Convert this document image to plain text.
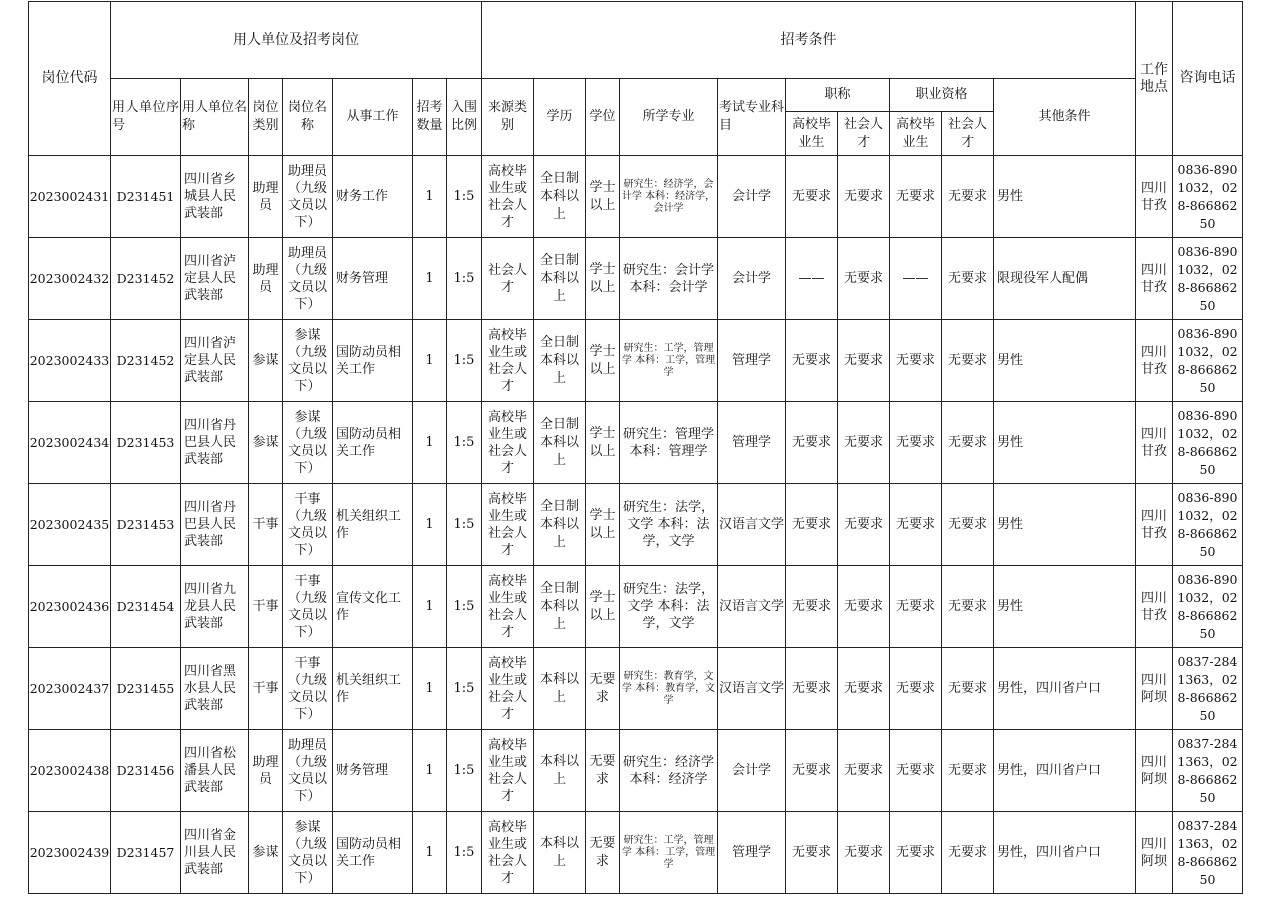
岗位代码	用人单位及招考岗位							招考条件										工作地点	咨询电话
	用人单位序号	用人单位名称	岗位类别	岗位名称	从事工作	招考数量	入围比例	来源类别	学历	学位	所学专业	考试专业科目	职称		职业资格		其他条件		
													高校毕业生	社会人才	高校毕业生	社会人才			
2023002431	D231451	四川省乡城县人民武装部	助理员	助理员（九级文员以下）	财务工作	1	1:5	高校毕业生或社会人才	全日制本科以上	学士以上	研究生：经济学，会计学 本科：经济学，会计学	会计学	无要求	无要求	无要求	无要求	男性	四川甘孜	0836-8901032，028-86686250
2023002432	D231452	四川省泸定县人民武装部	助理员	助理员（九级文员以下）	财务管理	1	1:5	社会人才	全日制本科以上	学士以上	研究生：会计学 本科：会计学	会计学	——	无要求	——	无要求	限现役军人配偶	四川甘孜	0836-8901032，028-86686250
2023002433	D231452	四川省泸定县人民武装部	参谋	参谋（九级文员以下）	国防动员相关工作	1	1:5	高校毕业生或社会人才	全日制本科以上	学士以上	研究生：工学，管理学 本科：工学，管理学	管理学	无要求	无要求	无要求	无要求	男性	四川甘孜	0836-8901032，028-86686250
2023002434	D231453	四川省丹巴县人民武装部	参谋	参谋（九级文员以下）	国防动员相关工作	1	1:5	高校毕业生或社会人才	全日制本科以上	学士以上	研究生：管理学 本科：管理学	管理学	无要求	无要求	无要求	无要求	男性	四川甘孜	0836-8901032，028-86686250
2023002435	D231453	四川省丹巴县人民武装部	干事	干事（九级文员以下）	机关组织工作	1	1:5	高校毕业生或社会人才	全日制本科以上	学士以上	研究生：法学，文学 本科：法学，文学	汉语言文学	无要求	无要求	无要求	无要求	男性	四川甘孜	0836-8901032，028-86686250
2023002436	D231454	四川省九龙县人民武装部	干事	干事（九级文员以下）	宣传文化工作	1	1:5	高校毕业生或社会人才	全日制本科以上	学士以上	研究生：法学，文学 本科：法学，文学	汉语言文学	无要求	无要求	无要求	无要求	男性	四川甘孜	0836-8901032，028-86686250
2023002437	D231455	四川省黑水县人民武装部	干事	干事（九级文员以下）	机关组织工作	1	1:5	高校毕业生或社会人才	本科以上	无要求	研究生：教育学，文学 本科：教育学，文学	汉语言文学	无要求	无要求	无要求	无要求	男性，四川省户口	四川阿坝	0837-2841363，028-86686250
2023002438	D231456	四川省松潘县人民武装部	助理员	助理员（九级文员以下）	财务管理	1	1:5	高校毕业生或社会人才	本科以上	无要求	研究生：经济学 本科：经济学	会计学	无要求	无要求	无要求	无要求	男性，四川省户口	四川阿坝	0837-2841363，028-86686250
2023002439	D231457	四川省金川县人民武装部	参谋	参谋（九级文员以下）	国防动员相关工作	1	1:5	高校毕业生或社会人才	本科以上	无要求	研究生：工学，管理学 本科：工学，管理学	管理学	无要求	无要求	无要求	无要求	男性，四川省户口	四川阿坝	0837-2841363，028-86686250
